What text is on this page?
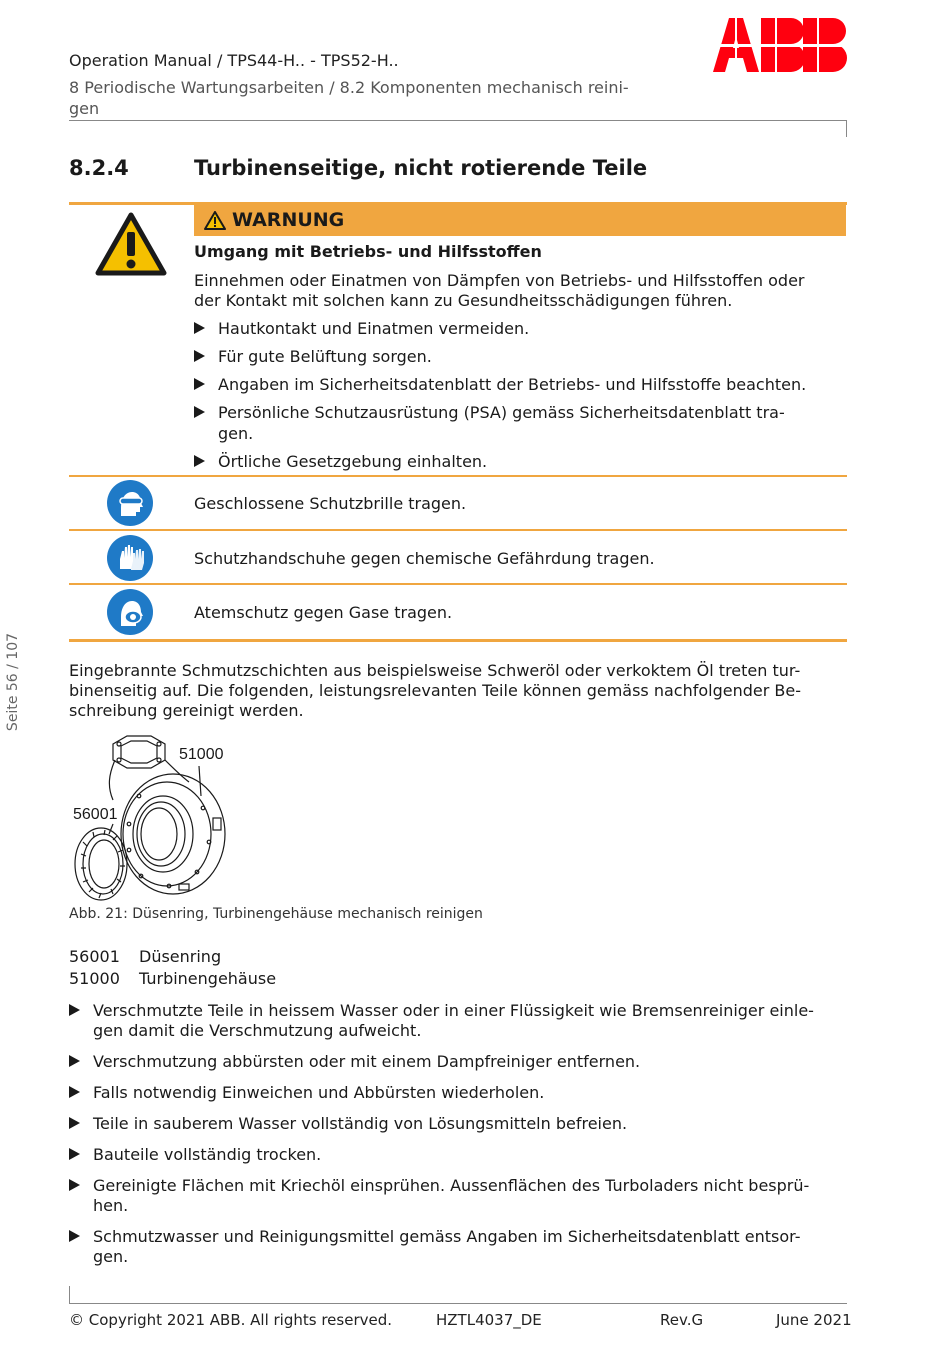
Operation Manual / TPS44-H.. - TPS52-H..
8 Periodische Wartungsarbeiten / 8.2 Komponenten mechanisch reini-
gen
Seite 56 / 107
8.2.4	Turbinenseitige, nicht rotierende Teile
WARNUNG
Umgang mit Betriebs- und Hilfsstoffen
Einnehmen oder Einatmen von Dämpfen von Betriebs- und Hilfsstoffen oder
der Kontakt mit solchen kann zu Gesundheitsschädigungen führen.
Hautkontakt und Einatmen vermeiden.
Für gute Belüftung sorgen.
Angaben im Sicherheitsdatenblatt der Betriebs- und Hilfsstoffe beachten.
Persönliche Schutzausrüstung (PSA) gemäss Sicherheitsdatenblatt tra-
gen.
Örtliche Gesetzgebung einhalten.
Geschlossene Schutzbrille tragen.
Schutzhandschuhe gegen chemische Gefährdung tragen.
Atemschutz gegen Gase tragen.
Eingebrannte Schmutzschichten aus beispielsweise Schweröl oder verkoktem Öl treten tur-
binenseitig auf. Die folgenden, leistungsrelevanten Teile können gemäss nachfolgender Be-
schreibung gereinigt werden.
51000
56001
Abb. 21: Düsenring, Turbinengehäuse mechanisch reinigen
56001 Düsenring
51000 Turbinengehäuse
Verschmutzte Teile in heissem Wasser oder in einer Flüssigkeit wie Bremsenreiniger einle-
gen damit die Verschmutzung aufweicht.
Verschmutzung abbürsten oder mit einem Dampfreiniger entfernen.
Falls notwendig Einweichen und Abbürsten wiederholen.
Teile in sauberem Wasser vollständig von Lösungsmitteln befreien.
Bauteile vollständig trocken.
Gereinigte Flächen mit Kriechöl einsprühen. Aussenflächen des Turboladers nicht besprü-
hen.
Schmutzwasser und Reinigungsmittel gemäss Angaben im Sicherheitsdatenblatt entsor-
gen.
© Copyright 2021 ABB. All rights reserved.	HZTL4037_DE	Rev.G	June 2021
